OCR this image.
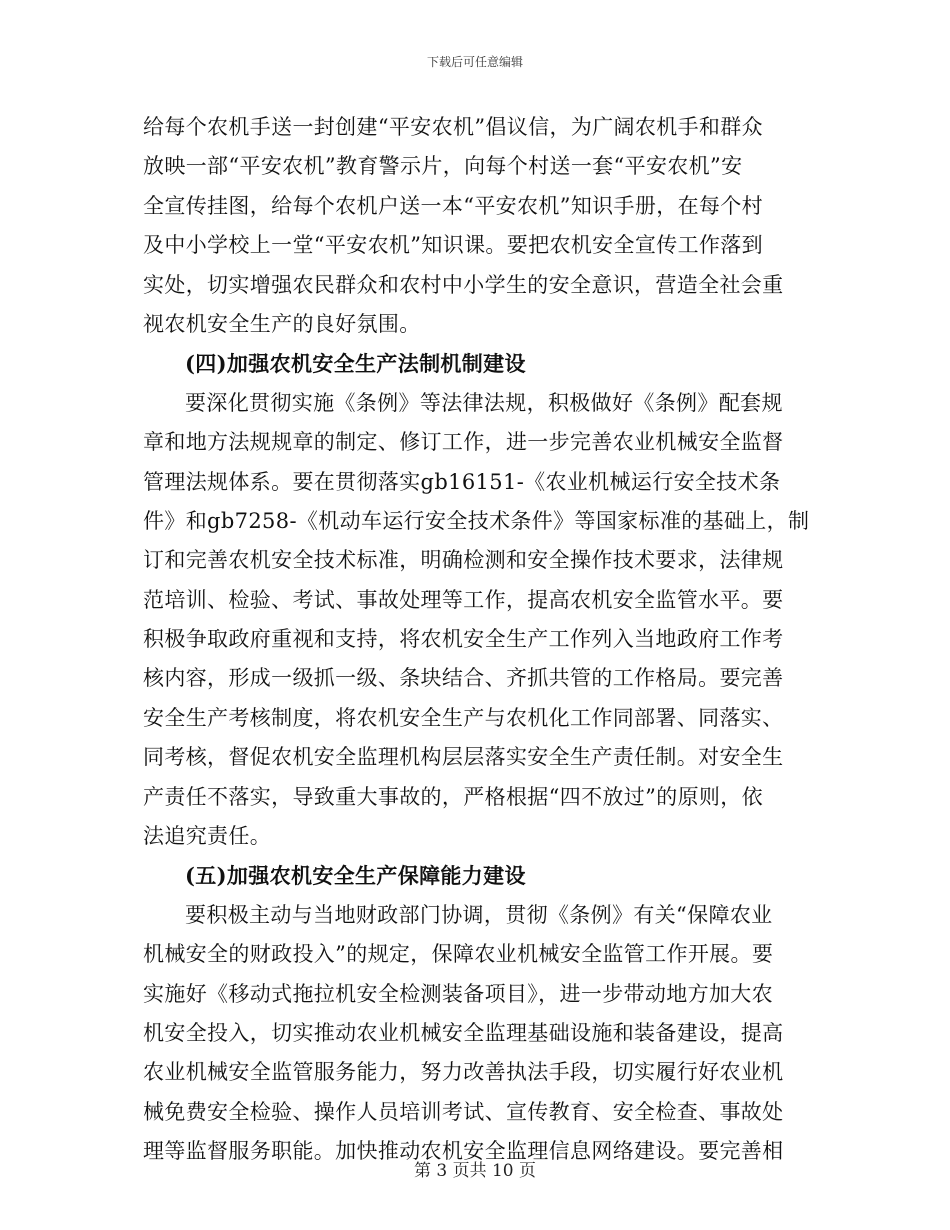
下载后可任意编辑
给每个农机手送一封创建“平安农机”倡议信，为广阔农机手和群众
放映一部“平安农机”教育警示片，向每个村送一套“平安农机”安
全宣传挂图，给每个农机户送一本“平安农机”知识手册，在每个村
及中小学校上一堂“平安农机”知识课。要把农机安全宣传工作落到
实处，切实增强农民群众和农村中小学生的安全意识，营造全社会重
视农机安全生产的良好氛围。
(四)加强农机安全生产法制机制建设
要深化贯彻实施《条例》等法律法规，积极做好《条例》配套规
章和地方法规规章的制定、修订工作，进一步完善农业机械安全监督
管理法规体系。要在贯彻落实gb16151-《农业机械运行安全技术条
件》和gb7258-《机动车运行安全技术条件》等国家标准的基础上，制
订和完善农机安全技术标准，明确检测和安全操作技术要求，法律规
范培训、检验、考试、事故处理等工作，提高农机安全监管水平。要
积极争取政府重视和支持，将农机安全生产工作列入当地政府工作考
核内容，形成一级抓一级、条块结合、齐抓共管的工作格局。要完善
安全生产考核制度，将农机安全生产与农机化工作同部署、同落实、
同考核，督促农机安全监理机构层层落实安全生产责任制。对安全生
产责任不落实，导致重大事故的，严格根据“四不放过”的原则，依
法追究责任。
(五)加强农机安全生产保障能力建设
要积极主动与当地财政部门协调，贯彻《条例》有关“保障农业
机械安全的财政投入”的规定，保障农业机械安全监管工作开展。要
实施好《移动式拖拉机安全检测装备项目》，进一步带动地方加大农
机安全投入，切实推动农业机械安全监理基础设施和装备建设，提高
农业机械安全监管服务能力，努力改善执法手段，切实履行好农业机
械免费安全检验、操作人员培训考试、宣传教育、安全检查、事故处
理等监督服务职能。加快推动农机安全监理信息网络建设。要完善相
第 3 页共 10 页
